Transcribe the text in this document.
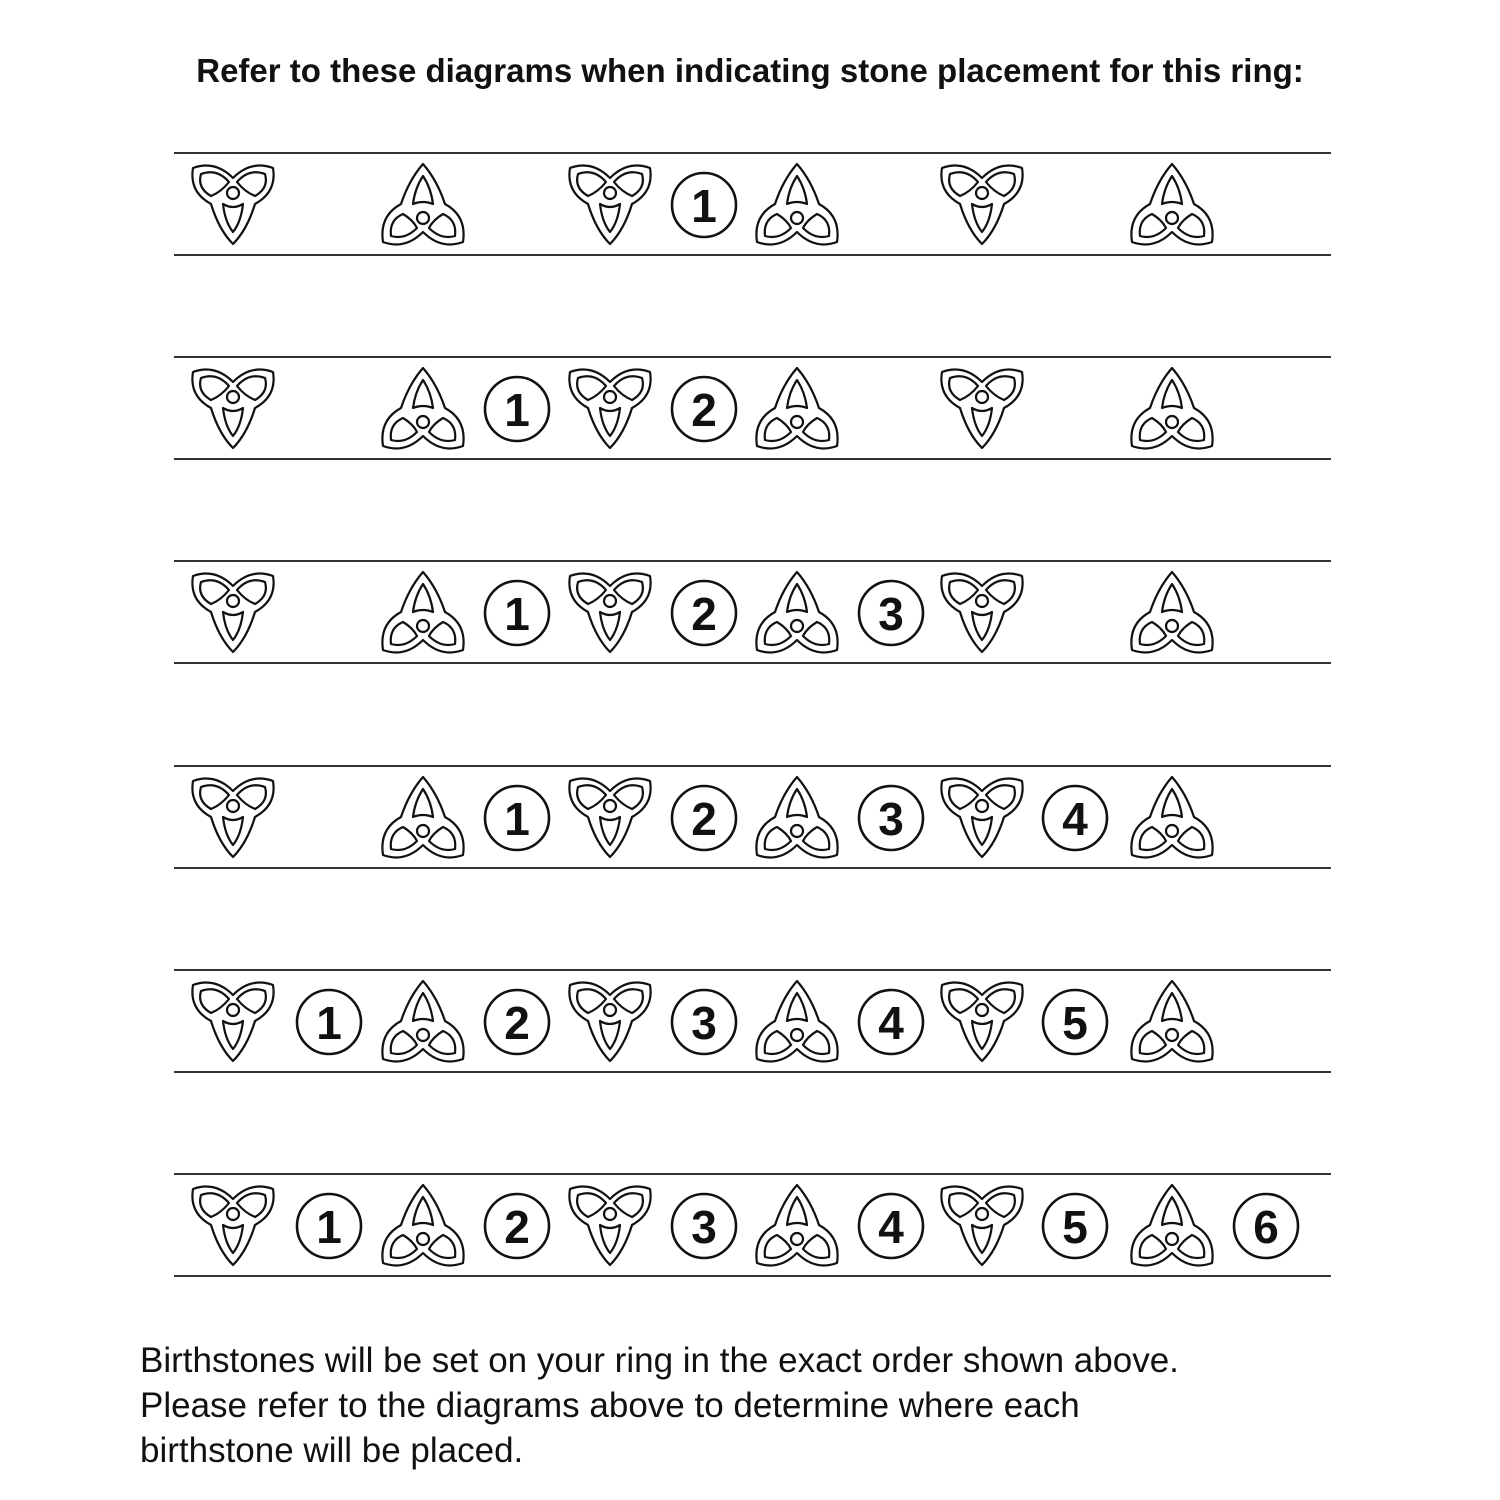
Refer to these diagrams when indicating stone placement for this ring:
1
1	2
1	2	3
1	2	3	4
1	2	3	4	5
1	2	3	4	5	6

Birthstones will be set on your ring in the exact order shown above.

Please refer to the diagrams above to determine where each

birthstone will be placed.
